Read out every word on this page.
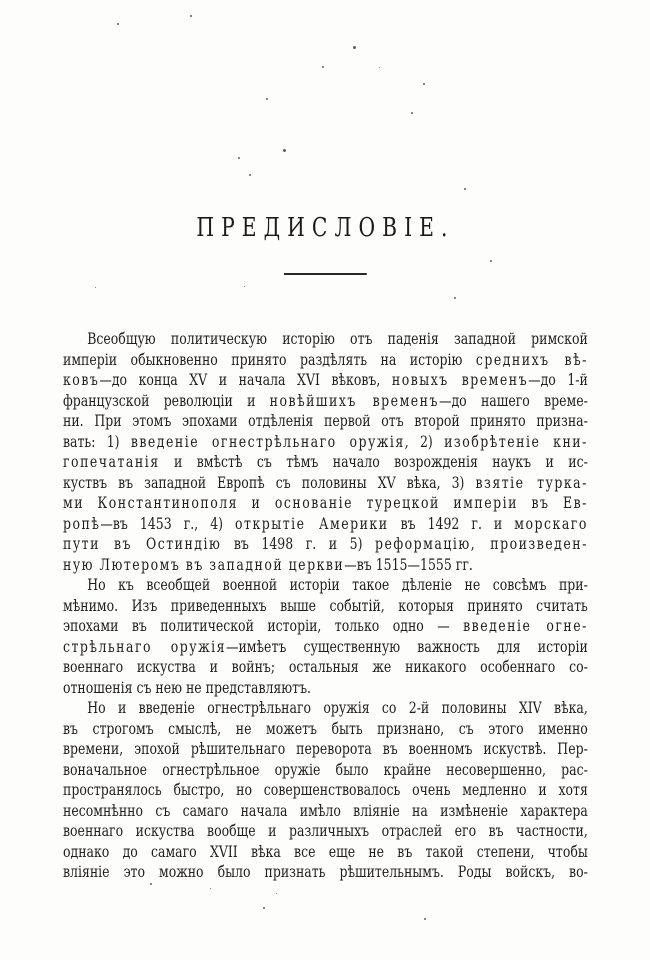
ПРЕДИСЛОВІЕ.
Всеобщую политическую исторію отъ паденія западной римской
имперіи обыкновенно принято раздѣлять на исторію среднихъ вѣ-
ковъ—до конца XV и начала XVI вѣковъ, новыхъ временъ—до 1-й
французской революціи и новѣйшихъ временъ—до нашего време-
ни. При этомъ эпохами отдѣленія первой отъ второй принято призна-
вать: 1) введеніе огнестрѣльнаго оружія, 2) изобрѣтеніе кни-
гопечатанія и вмѣстѣ съ тѣмъ начало возрожденія наукъ и ис-
куствъ въ западной Европѣ съ половины XV вѣка, 3) взятіе турка-
ми Константинополя и основаніе турецкой имперіи въ Ев-
ропѣ—въ 1453 г., 4) открытіе Америки въ 1492 г. и морскаго
пути въ Остиндію въ 1498 г. и 5) реформацію, произведен-
ную Лютеромъ въ западной церкви—въ 1515—1555 гг.
Но къ всеобщей военной исторіи такое дѣленіе не совсѣмъ при-
мѣнимо. Изъ приведенныхъ выше событій, которыя принято считать
эпохами въ политической исторіи, только одно — введеніе огне-
стрѣльнаго оружія—имѣетъ существенную важность для исторіи
военнаго искуства и войнъ; остальныя же никакого особеннаго со-
отношенія съ нею не представляютъ.
Но и введеніе огнестрѣльнаго оружія со 2-й половины XIV вѣка,
въ строгомъ смыслѣ, не можетъ быть признано, съ этого именно
времени, эпохой рѣшительнаго переворота въ военномъ искуствѣ. Пер-
воначальное огнестрѣльное оружіе было крайне несовершенно, рас-
пространялось быстро, но совершенствовалось очень медленно и хотя
несомнѣнно съ самаго начала имѣло вліяніе на измѣненіе характера
военнаго искуства вообще и различныхъ отраслей его въ частности,
однако до самаго XVII вѣка все еще не въ такой степени, чтобы
вліяніе это можно было признать рѣшительнымъ. Роды войскъ, во-
